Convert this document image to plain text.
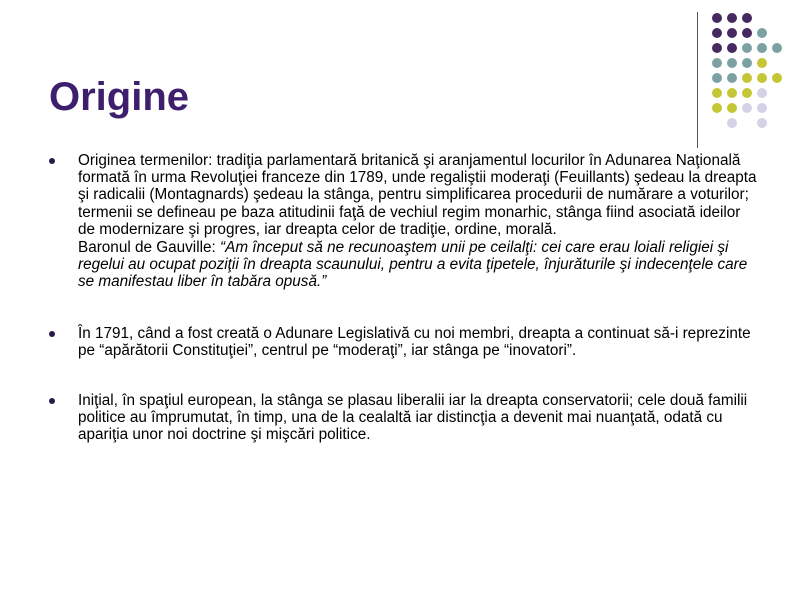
Origine

Originea termenilor: tradiţia parlamentară britanică şi aranjamentul locurilor în Adunarea Naţională formată în urma Revoluţiei franceze din 1789, unde regaliştii moderaţi (Feuillants) şedeau la dreapta şi radicalii (Montagnards) şedeau la stânga, pentru simplificarea procedurii de numărare a voturilor; termenii se defineau pe baza atitudinii faţă de vechiul regim monarhic, stânga fiind asociată ideilor de modernizare şi progres, iar dreapta celor de tradiţie, ordine, morală.

Baronul de Gauville: “Am început să ne recunoaştem unii pe ceilalţi: cei care erau loiali religiei şi regelui au ocupat poziţii în dreapta scaunului, pentru a evita ţipetele, înjurăturile şi indecenţele care se manifestau liber în tabăra opusă.”

În 1791, când a fost creată o Adunare Legislativă cu noi membri, dreapta a continuat să-i reprezinte pe “apărătorii Constituţiei”, centrul pe “moderaţi”, iar stânga pe “inovatori”.

Iniţial, în spaţiul european, la stânga se plasau liberalii iar la dreapta conservatorii; cele două familii politice au împrumutat, în timp, una de la cealaltă iar distincţia a devenit mai nuanţată, odată cu apariţia unor noi doctrine şi mişcări politice.
